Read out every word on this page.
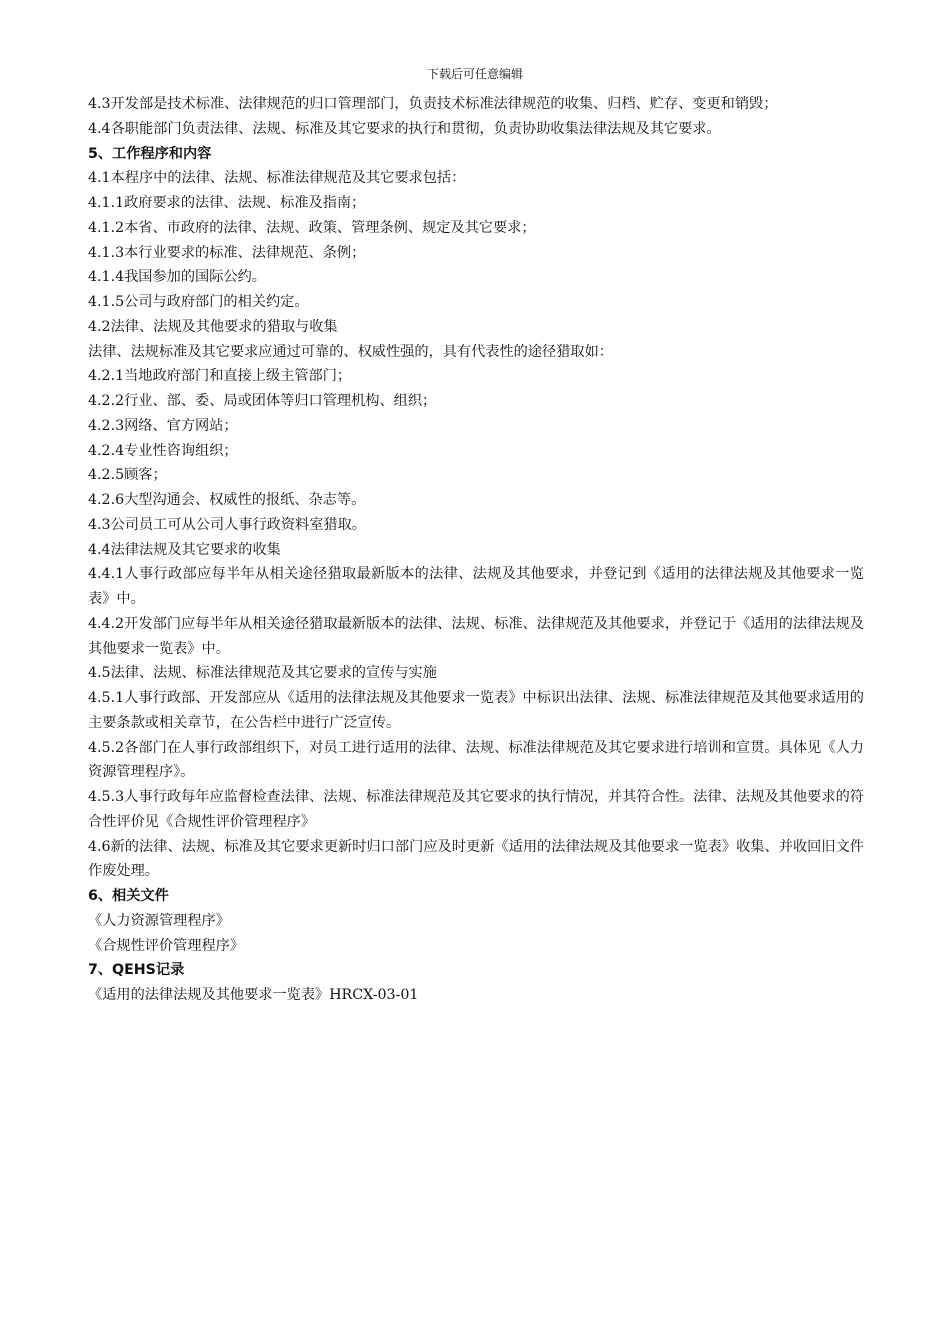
下载后可任意编辑

4.3开发部是技术标准、法律规范的归口管理部门，负责技术标准法律规范的收集、归档、贮存、变更和销毁；

4.4各职能部门负责法律、法规、标准及其它要求的执行和贯彻，负责协助收集法律法规及其它要求。

5、工作程序和内容

4.1本程序中的法律、法规、标准法律规范及其它要求包括：

4.1.1政府要求的法律、法规、标准及指南；

4.1.2本省、市政府的法律、法规、政策、管理条例、规定及其它要求；

4.1.3本行业要求的标准、法律规范、条例；

4.1.4我国参加的国际公约。

4.1.5公司与政府部门的相关约定。

4.2法律、法规及其他要求的猎取与收集

法律、法规标准及其它要求应通过可靠的、权威性强的，具有代表性的途径猎取如：

4.2.1当地政府部门和直接上级主管部门；

4.2.2行业、部、委、局或团体等归口管理机构、组织；

4.2.3网络、官方网站；

4.2.4专业性咨询组织；

4.2.5顾客；

4.2.6大型沟通会、权威性的报纸、杂志等。

4.3公司员工可从公司人事行政资料室猎取。

4.4法律法规及其它要求的收集

4.4.1人事行政部应每半年从相关途径猎取最新版本的法律、法规及其他要求，并登记到《适用的法律法规及其他要求一览表》中。

4.4.2开发部门应每半年从相关途径猎取最新版本的法律、法规、标准、法律规范及其他要求，并登记于《适用的法律法规及其他要求一览表》中。

4.5法律、法规、标准法律规范及其它要求的宣传与实施

4.5.1人事行政部、开发部应从《适用的法律法规及其他要求一览表》中标识出法律、法规、标准法律规范及其他要求适用的主要条款或相关章节，在公告栏中进行广泛宣传。

4.5.2各部门在人事行政部组织下，对员工进行适用的法律、法规、标准法律规范及其它要求进行培训和宣贯。具体见《人力资源管理程序》。

4.5.3人事行政每年应监督检查法律、法规、标准法律规范及其它要求的执行情况，并其符合性。法律、法规及其他要求的符合性评价见《合规性评价管理程序》

4.6新的法律、法规、标准及其它要求更新时归口部门应及时更新《适用的法律法规及其他要求一览表》收集、并收回旧文件作废处理。

6、相关文件

《人力资源管理程序》

《合规性评价管理程序》

7、QEHS记录

《适用的法律法规及其他要求一览表》HRCX-03-01
